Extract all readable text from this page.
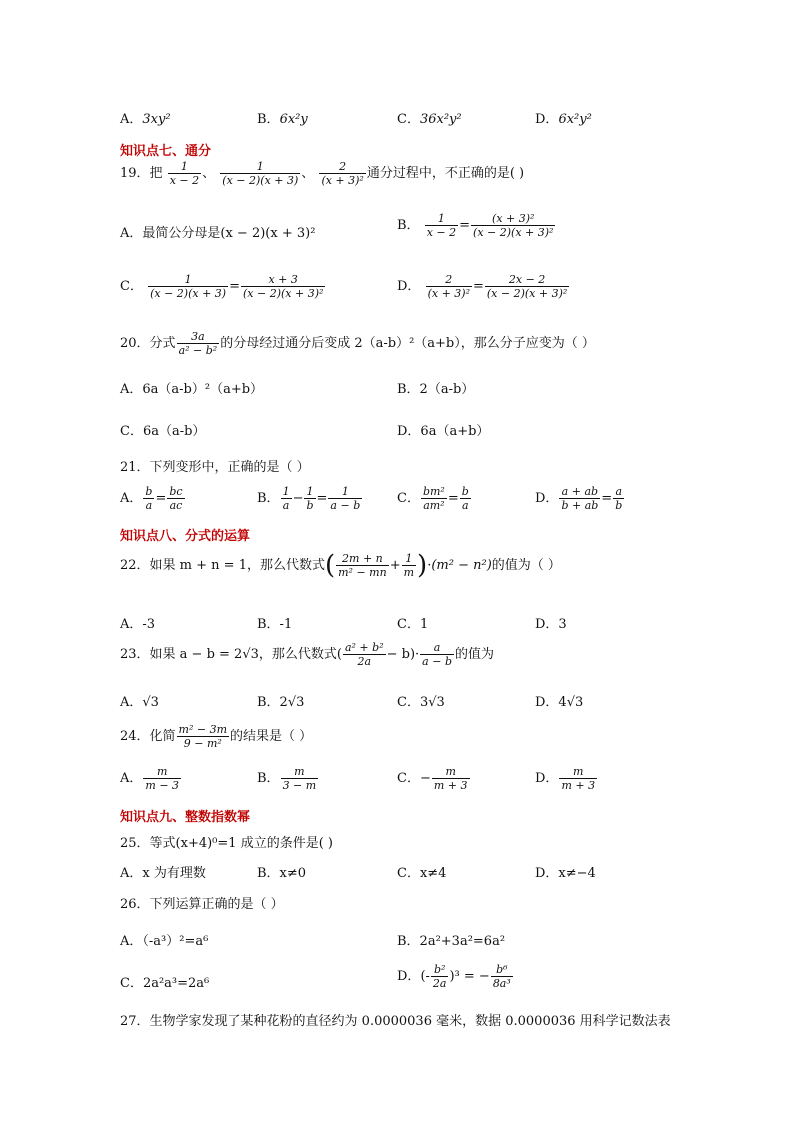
A．3xy²	B．6x²y	C．36x²y²	D．6x²y²
知识点七、通分
19．把 $\frac{1}{x - 2}$ 、 $\frac{1}{(x - 2)(x + 3)}$ 、 $\frac{2}{\text{(x + 3)²}}$ 通分过程中，不正确的是( )
A．最简公分母是(x − 2)(x + 3)²
B． $\frac{1}{x - 2} = \frac{\text{(x + 3)²}}{\text{(x − 2)(x + 3)²}}$
C． $\frac{1}{(x - 2)(x + 3)} = \frac{x + 3}{\text{(x − 2)(x + 3)²}}$	D． $\frac{2}{\text{(x + 3)²}} = \frac{2x - 2}{\text{(x − 2)(x + 3)²}}$
20．分式 $\frac{3a}{\text{a² − b²}}$ 的分母经过通分后变成 2（a-b）²（a+b），那么分子应变为（ ）
A．6a（a-b）²（a+b）	B．2（a-b）
C．6a（a-b）	D．6a（a+b）
21．下列变形中，正确的是（ ）
A． $\frac{b}{a} = \frac{bc}{ac}$	B． $\frac{1}{a} - \frac{1}{b} = \frac{1}{a - b}$	C． $\frac{\text{bm²}}{\text{am²}} = \frac{b}{a}$	D． $\frac{a + ab}{b + ab} = \frac{a}{b}$
知识点八、分式的运算
22．如果 m + n = 1，那么代数式( $\frac{2m + n}{\text{m² − mn}} + \frac{1}{m} )\cdot(m^2 - n^2)$的值为（ ）
A．-3	B．-1	C．1	D．3
23．如果 a − b = 2√3，那么代数式( $\frac{\text{a² + b²}}{2a} - b)\cdot \frac{a}{a - b}$ 的值为
A．√3	B．2√3	C．3√3	D．4√3
24．化简 $\frac{\text{m² − 3m}}{\text{9 − m²}}$ 的结果是（ ）
A． $\frac{m}{m - 3}$	B． $\frac{m}{3 - m}$	C．− $\frac{m}{m + 3}$	D． $\frac{m}{m + 3}$
知识点九、整数指数幂
25．等式(x+4)⁰=1 成立的条件是( )
A．x 为有理数	B．x≠0	C．x≠4	D．x≠−4
26．下列运算正确的是（ ）
A．（-a³）²=a⁶	B．2a²+3a²=6a²
C．2a²a³=2a⁶	D．(- $\frac{\text{b²}}{2a} )^3$ = − $\frac{\text{b⁶}}{\text{8a³}}$
27．生物学家发现了某种花粉的直径约为 0.0000036 毫米，数据 0.0000036 用科学记数法表
